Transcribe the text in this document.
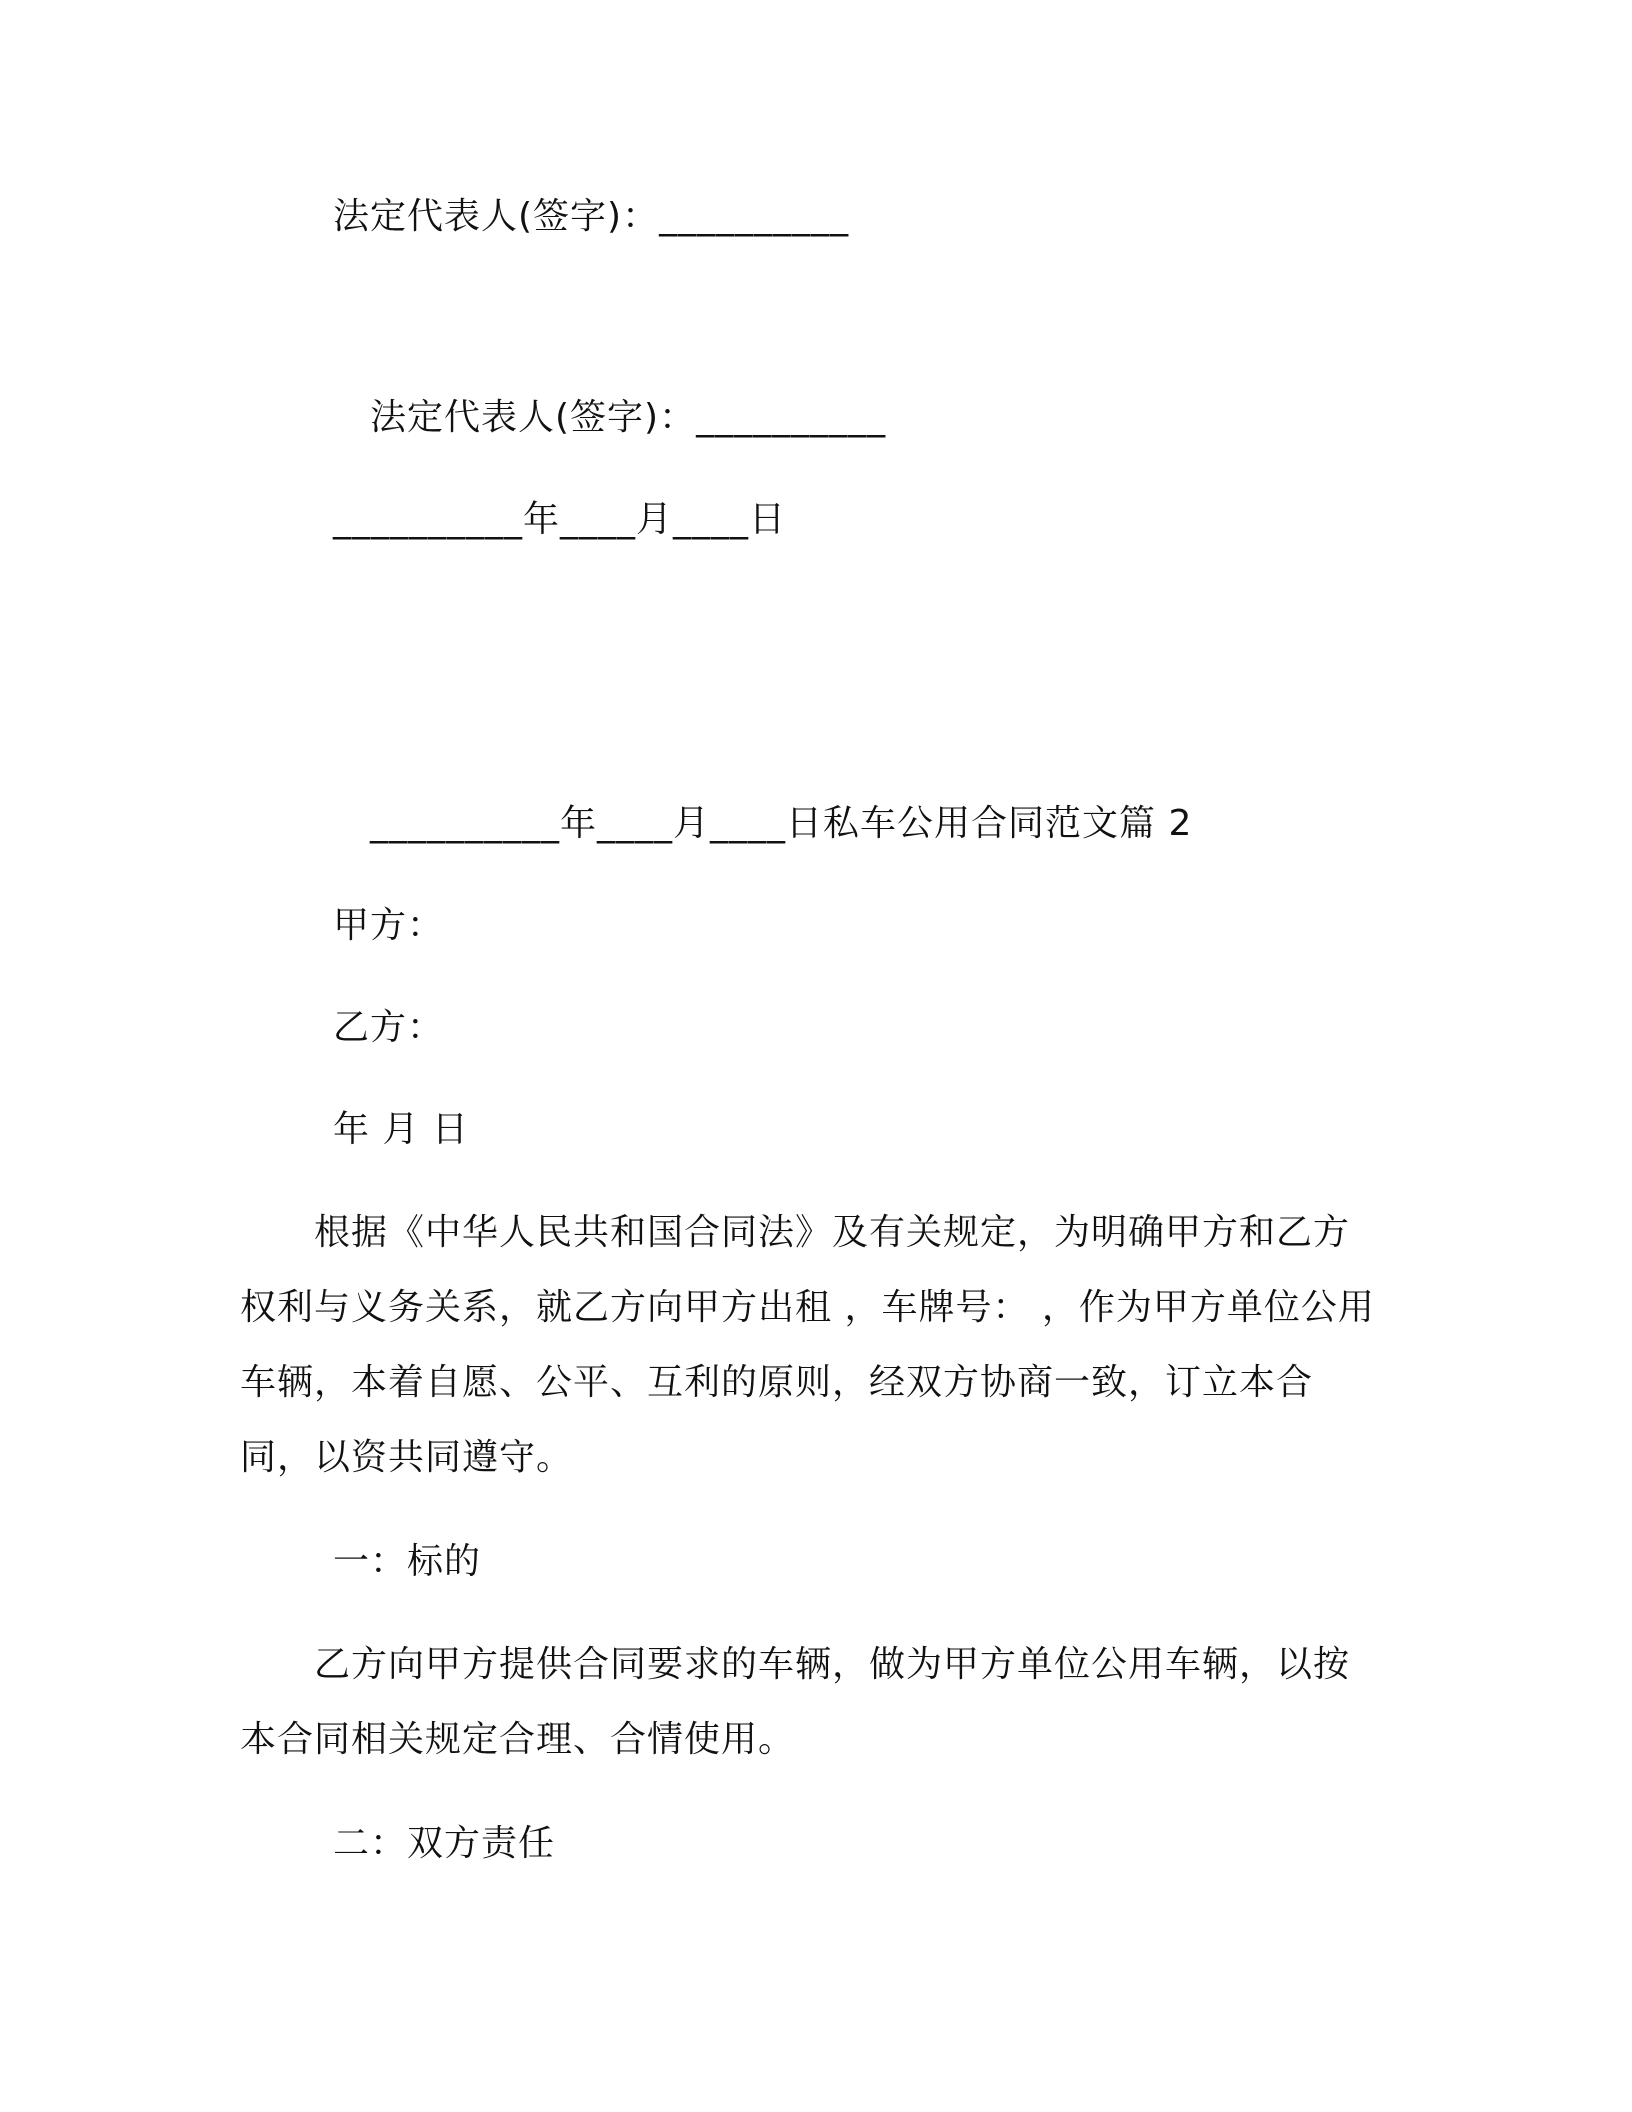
法定代表人(签字)：__________

法定代表人(签字)：__________

__________年____月____日

__________年____月____日私车公用合同范文篇 2

甲方：

乙方：

年 月 日

　　根据《中华人民共和国合同法》及有关规定，为明确甲方和乙方权利与义务关系，就乙方向甲方出租 ，车牌号： ，作为甲方单位公用车辆，本着自愿、公平、互利的原则，经双方协商一致，订立本合同，以资共同遵守。

一：标的

　　乙方向甲方提供合同要求的车辆，做为甲方单位公用车辆，以按本合同相关规定合理、合情使用。

二：双方责任
